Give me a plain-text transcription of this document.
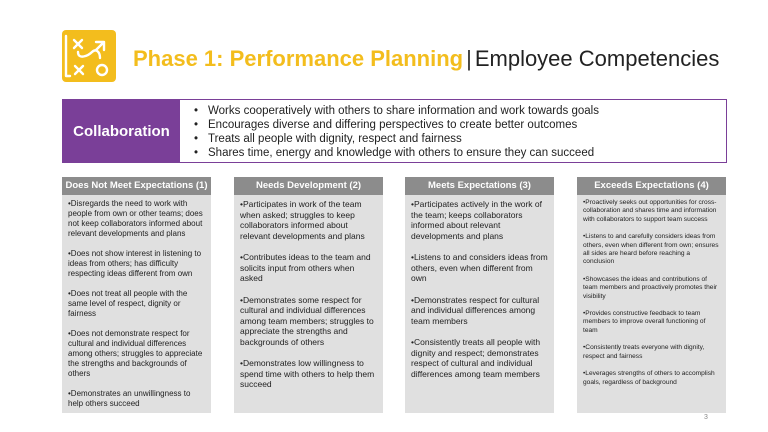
Phase 1: Performance Planning | Employee Competencies
Collaboration
• Works cooperatively with others to share information and work towards goals
• Encourages diverse and differing perspectives to create better outcomes
• Treats all people with dignity, respect and fairness
• Shares time, energy and knowledge with others to ensure they can succeed
Does Not Meet Expectations (1)
•Disregards the need to work with people from own or other teams; does not keep collaborators informed about relevant developments and plans
•Does not show interest in listening to ideas from others; has difficulty respecting ideas different from own
•Does not treat all people with the same level of respect, dignity or fairness
•Does not demonstrate respect for cultural and individual differences among others; struggles to appreciate the strengths and backgrounds of others
•Demonstrates an unwillingness to help others succeed
Needs Development (2)
•Participates in work of the team when asked; struggles to keep collaborators informed about relevant developments and plans
•Contributes ideas to the team and solicits input from others when asked
•Demonstrates some respect for cultural and individual differences among team members; struggles to appreciate the strengths and backgrounds of others
•Demonstrates low willingness to spend time with others to help them succeed
Meets Expectations (3)
•Participates actively in the work of the team; keeps collaborators informed about relevant developments and plans
•Listens to and considers ideas from others, even when different from own
•Demonstrates respect for cultural and individual differences among team members
•Consistently treats all people with dignity and respect; demonstrates respect of cultural and individual differences among team members
Exceeds Expectations (4)
•Proactively seeks out opportunities for cross-collaboration and shares time and information with collaborators to support team success
•Listens to and carefully considers ideas from others, even when different from own; ensures all sides are heard before reaching a conclusion
•Showcases the ideas and contributions of team members and proactively promotes their visibility
•Provides constructive feedback to team members to improve overall functioning of team
•Consistently treats everyone with dignity, respect and fairness
•Leverages strengths of others to accomplish goals, regardless of background
3
